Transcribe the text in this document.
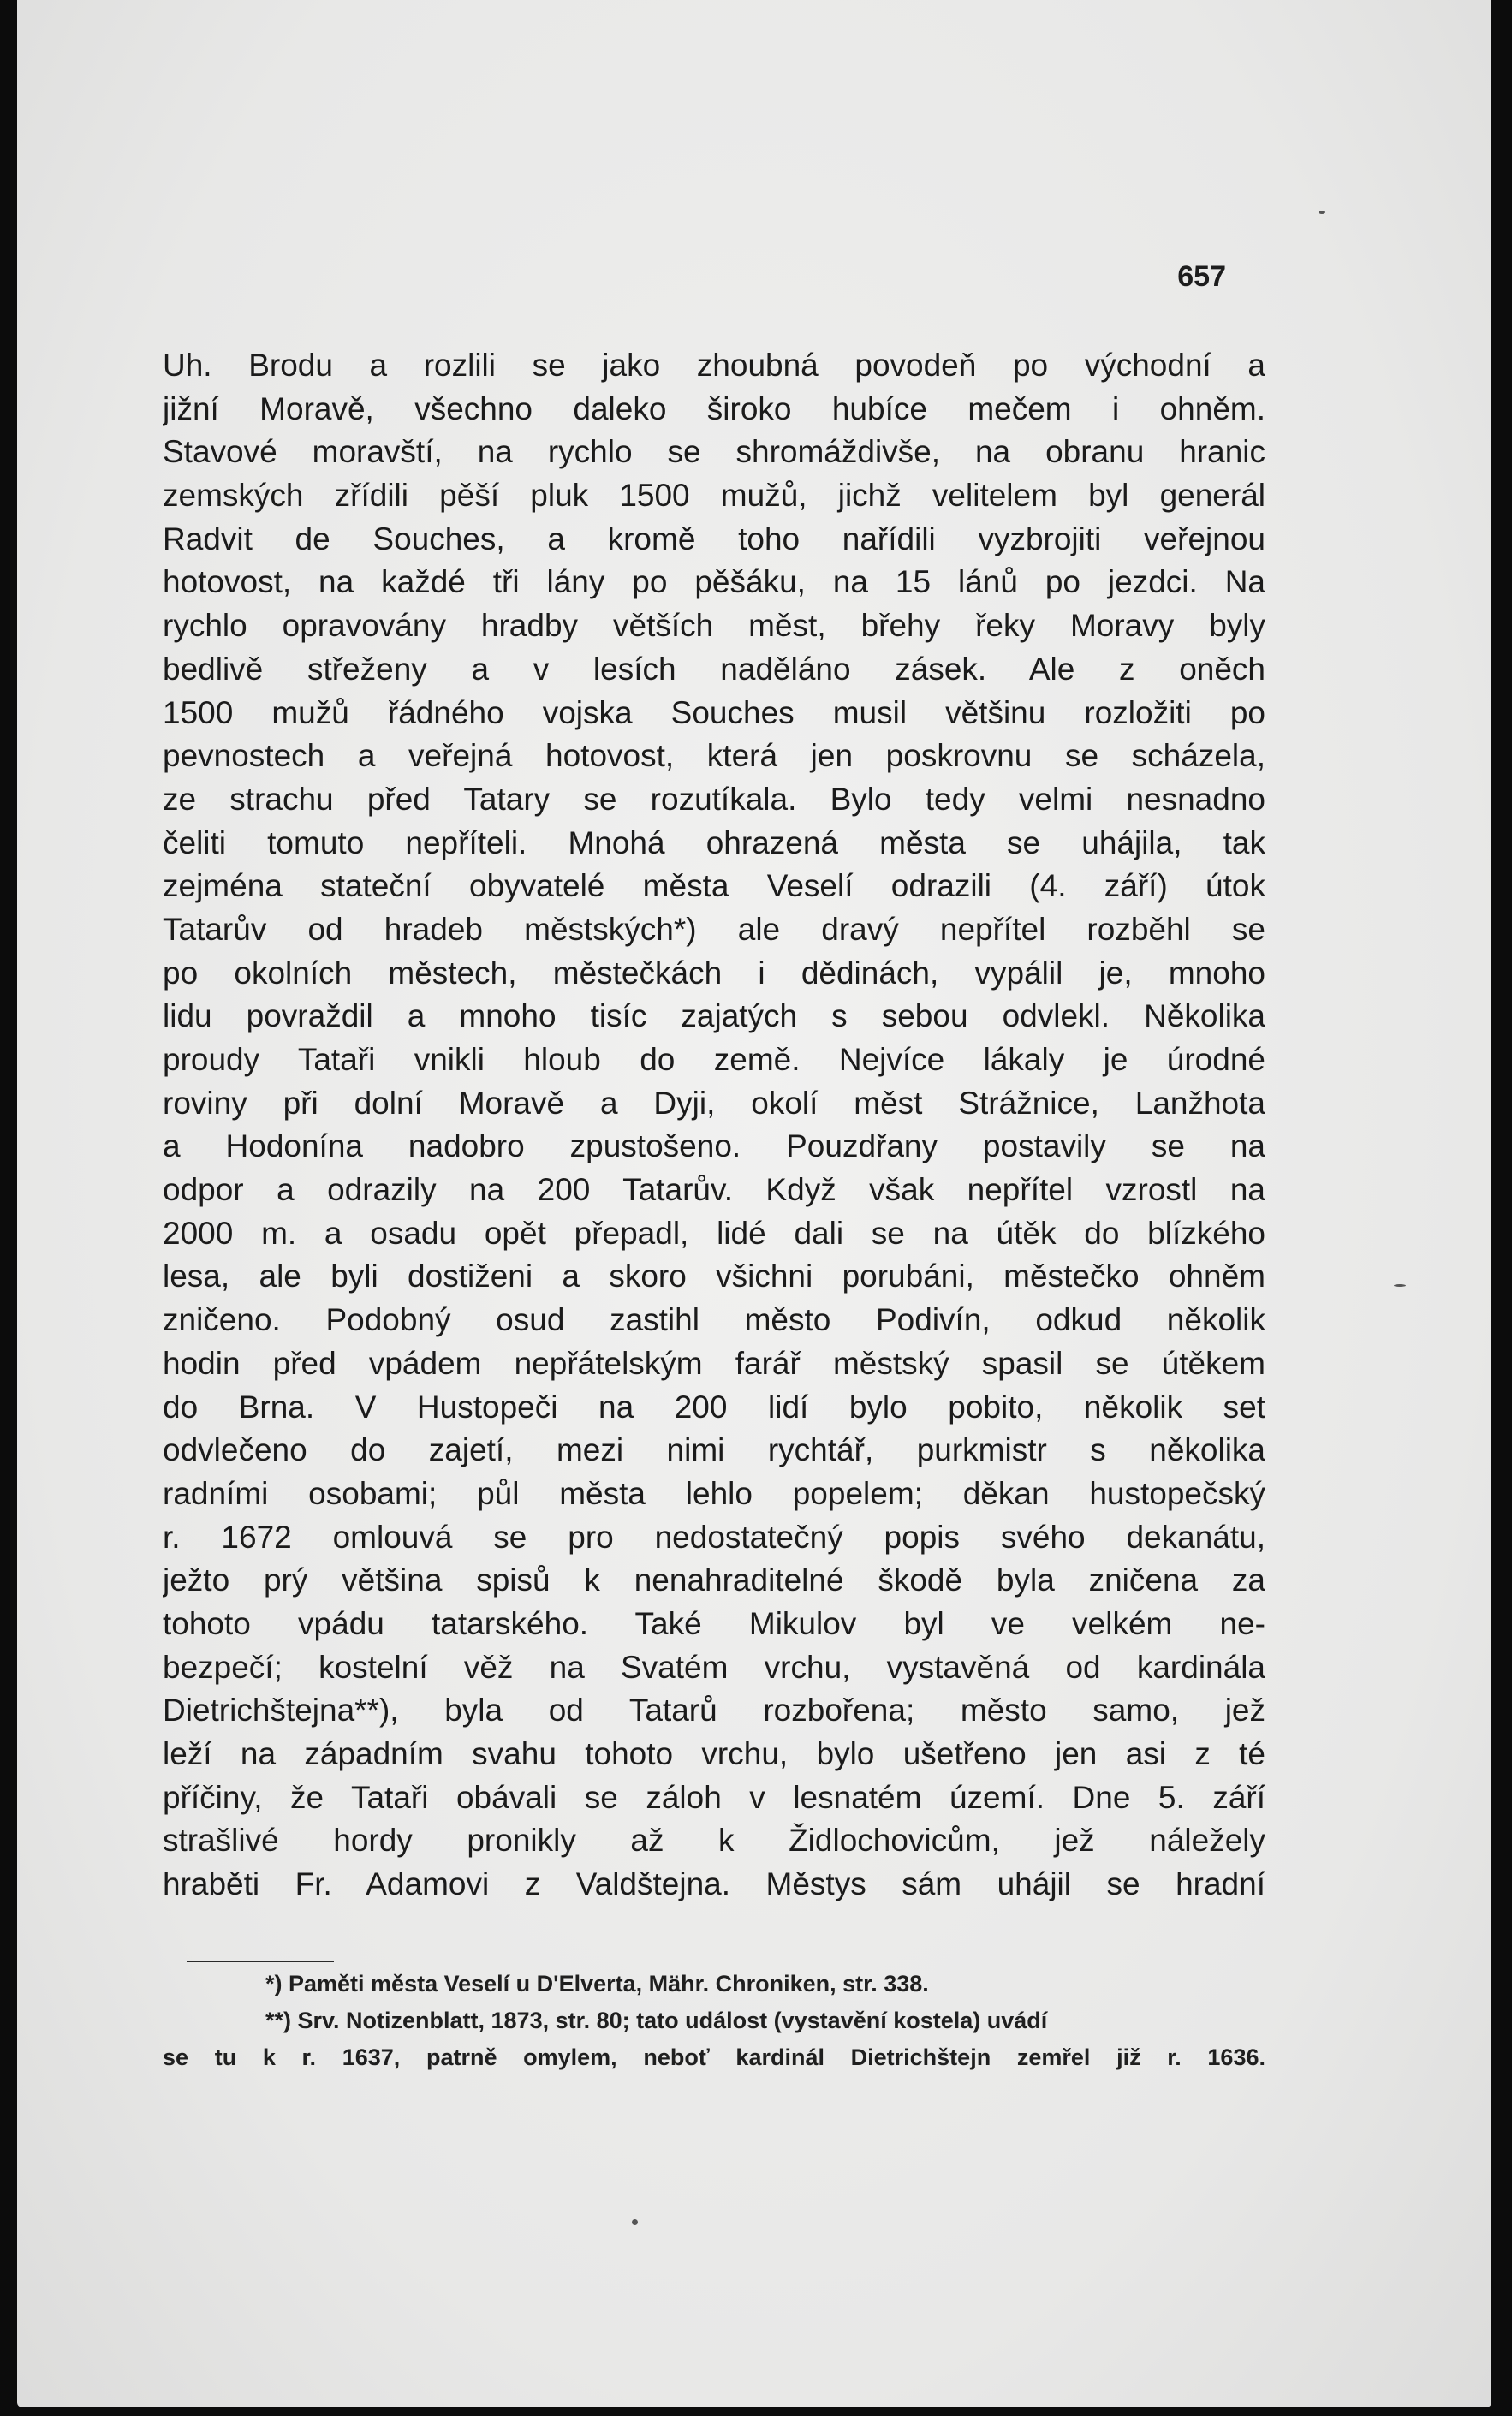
657
Uh. Brodu a rozlili se jako zhoubná povodeň po východní a
jižní Moravě, všechno daleko široko hubíce mečem i ohněm.
Stavové moravští, na rychlo se shromáždivše, na obranu hranic
zemských zřídili pěší pluk 1500 mužů, jichž velitelem byl generál
Radvit de Souches, a kromě toho nařídili vyzbrojiti veřejnou
hotovost, na každé tři lány po pěšáku, na 15 lánů po jezdci. Na
rychlo opravovány hradby větších měst, břehy řeky Moravy byly
bedlivě střeženy a v lesích naděláno zásek. Ale z oněch
1500 mužů řádného vojska Souches musil většinu rozložiti po
pevnostech a veřejná hotovost, která jen poskrovnu se scházela,
ze strachu před Tatary se rozutíkala. Bylo tedy velmi nesnadno
čeliti tomuto nepříteli. Mnohá ohrazená města se uhájila, tak
zejména stateční obyvatelé města Veselí odrazili (4. září) útok
Tatarův od hradeb městských*) ale dravý nepřítel rozběhl se
po okolních městech, městečkách i dědinách, vypálil je, mnoho
lidu povraždil a mnoho tisíc zajatých s sebou odvlekl. Několika
proudy Tataři vnikli hloub do země. Nejvíce lákaly je úrodné
roviny při dolní Moravě a Dyji, okolí měst Strážnice, Lanžhota
a Hodonína nadobro zpustošeno. Pouzdřany postavily se na
odpor a odrazily na 200 Tatarův. Když však nepřítel vzrostl na
2000 m. a osadu opět přepadl, lidé dali se na útěk do blízkého
lesa, ale byli dostiženi a skoro všichni porubáni, městečko ohněm
zničeno. Podobný osud zastihl město Podivín, odkud několik
hodin před vpádem nepřátelským farář městský spasil se útěkem
do Brna. V Hustopeči na 200 lidí bylo pobito, několik set
odvlečeno do zajetí, mezi nimi rychtář, purkmistr s několika
radními osobami; půl města lehlo popelem; děkan hustopečský
r. 1672 omlouvá se pro nedostatečný popis svého dekanátu,
ježto prý většina spisů k nenahraditelné škodě byla zničena za
tohoto vpádu tatarského. Také Mikulov byl ve velkém ne-
bezpečí; kostelní věž na Svatém vrchu, vystavěná od kardinála
Dietrichštejna**), byla od Tatarů rozbořena; město samo, jež
leží na západním svahu tohoto vrchu, bylo ušetřeno jen asi z té
příčiny, že Tataři obávali se záloh v lesnatém území. Dne 5. září
strašlivé hordy pronikly až k Židlochovicům, jež náležely
hraběti Fr. Adamovi z Valdštejna. Městys sám uhájil se hradní
*) Paměti města Veselí u D'Elverta, Mähr. Chroniken, str. 338.
**) Srv. Notizenblatt, 1873, str. 80; tato událost (vystavění kostela) uvádí
se tu k r. 1637, patrně omylem, neboť kardinál Dietrichštejn zemřel již r. 1636.
